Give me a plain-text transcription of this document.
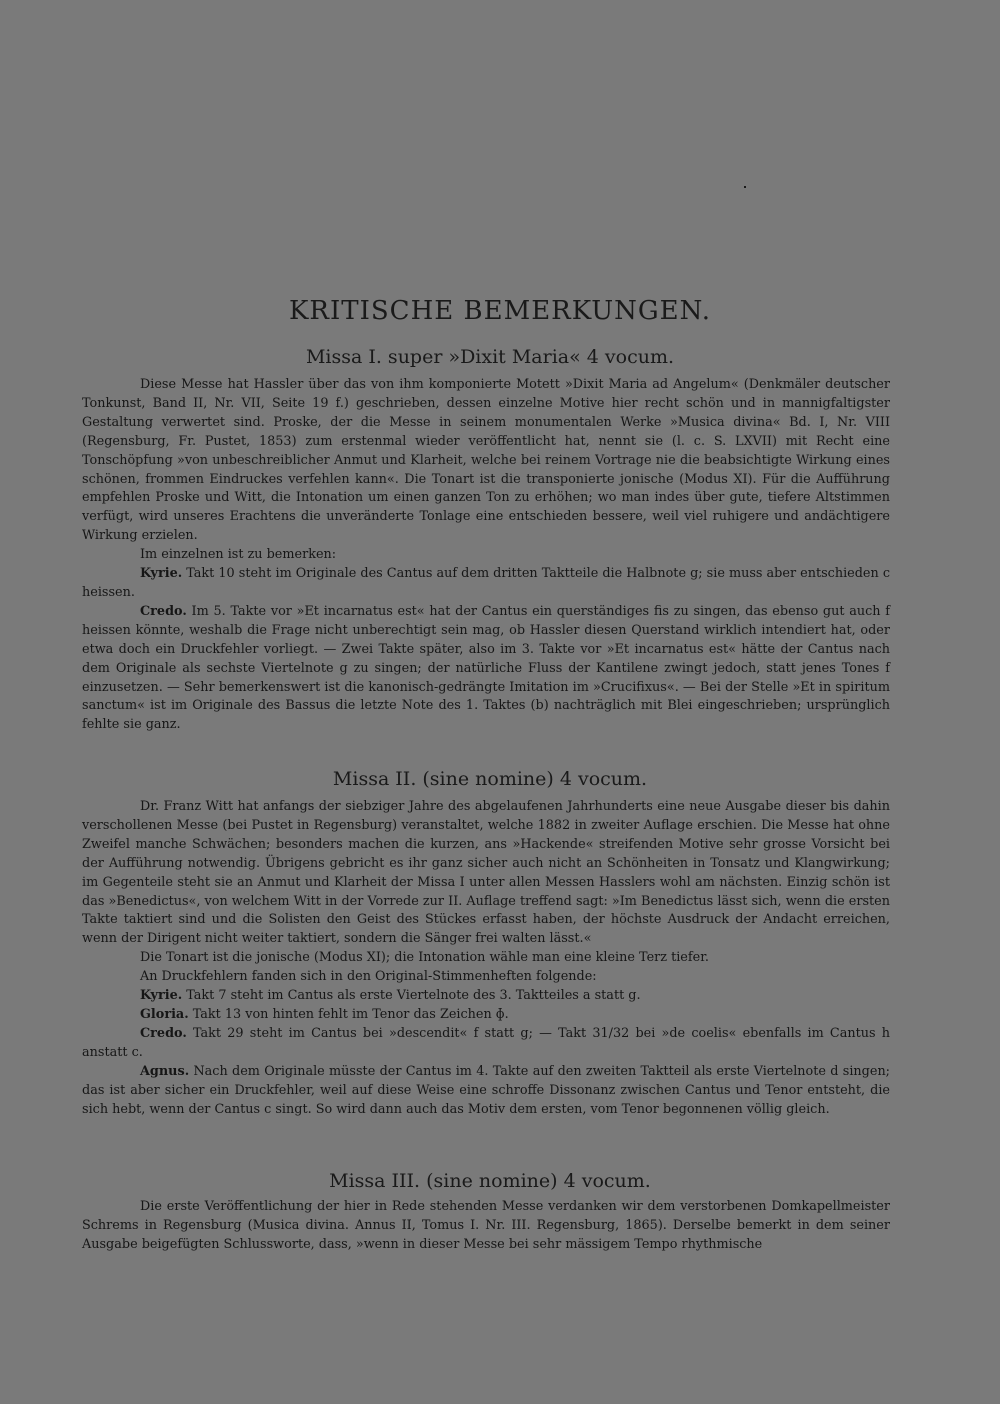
KRITISCHE BEMERKUNGEN.
Missa I. super »Dixit Maria« 4 vocum.

Diese Messe hat Hassler über das von ihm komponierte Motett »Dixit Maria ad Angelum« (Denkmäler deutscher Tonkunst, Band II, Nr. VII, Seite 19 f.) geschrieben, dessen einzelne Motive hier recht schön und in mannigfaltigster Gestaltung verwertet sind. Proske, der die Messe in seinem monumentalen Werke »Musica divina« Bd. I, Nr. VIII (Regensburg, Fr. Pustet, 1853) zum erstenmal wieder veröffentlicht hat, nennt sie (l. c. S. LXVII) mit Recht eine Tonschöpfung »von unbeschreiblicher Anmut und Klarheit, welche bei reinem Vortrage nie die beabsichtigte Wirkung eines schönen, frommen Eindruckes verfehlen kann«. Die Tonart ist die transponierte jonische (Modus XI). Für die Aufführung empfehlen Proske und Witt, die Intonation um einen ganzen Ton zu erhöhen; wo man indes über gute, tiefere Altstimmen verfügt, wird unseres Erachtens die unveränderte Tonlage eine entschieden bessere, weil viel ruhigere und andächtigere Wirkung erzielen.

Im einzelnen ist zu bemerken:

Kyrie. Takt 10 steht im Originale des Cantus auf dem dritten Taktteile die Halbnote g; sie muss aber entschieden c heissen.

Credo. Im 5. Takte vor »Et incarnatus est« hat der Cantus ein querständiges fis zu singen, das ebenso gut auch f heissen könnte, weshalb die Frage nicht unberechtigt sein mag, ob Hassler diesen Querstand wirklich intendiert hat, oder etwa doch ein Druckfehler vorliegt. — Zwei Takte später, also im 3. Takte vor »Et incarnatus est« hätte der Cantus nach dem Originale als sechste Viertelnote g zu singen; der natürliche Fluss der Kantilene zwingt jedoch, statt jenes Tones f einzusetzen. — Sehr bemerkenswert ist die kanonisch-gedrängte Imitation im »Crucifixus«. — Bei der Stelle »Et in spiritum sanctum« ist im Originale des Bassus die letzte Note des 1. Taktes (b) nachträglich mit Blei eingeschrieben; ursprünglich fehlte sie ganz.

Missa II. (sine nomine) 4 vocum.

Dr. Franz Witt hat anfangs der siebziger Jahre des abgelaufenen Jahrhunderts eine neue Ausgabe dieser bis dahin verschollenen Messe (bei Pustet in Regensburg) veranstaltet, welche 1882 in zweiter Auflage erschien. Die Messe hat ohne Zweifel manche Schwächen; besonders machen die kurzen, ans »Hackende« streifenden Motive sehr grosse Vorsicht bei der Aufführung notwendig. Übrigens gebricht es ihr ganz sicher auch nicht an Schönheiten in Tonsatz und Klangwirkung; im Gegenteile steht sie an Anmut und Klarheit der Missa I unter allen Messen Hasslers wohl am nächsten. Einzig schön ist das »Benedictus«, von welchem Witt in der Vorrede zur II. Auflage treffend sagt: »Im Benedictus lässt sich, wenn die ersten Takte taktiert sind und die Solisten den Geist des Stückes erfasst haben, der höchste Ausdruck der Andacht erreichen, wenn der Dirigent nicht weiter taktiert, sondern die Sänger frei walten lässt.«

Die Tonart ist die jonische (Modus XI); die Intonation wähle man eine kleine Terz tiefer.

An Druckfehlern fanden sich in den Original-Stimmenheften folgende:

Kyrie. Takt 7 steht im Cantus als erste Viertelnote des 3. Taktteiles a statt g.

Gloria. Takt 13 von hinten fehlt im Tenor das Zeichen ɸ.

Credo. Takt 29 steht im Cantus bei »descendit« f statt g; — Takt 31/32 bei »de coelis« ebenfalls im Cantus h anstatt c.

Agnus. Nach dem Originale müsste der Cantus im 4. Takte auf den zweiten Taktteil als erste Viertelnote d singen; das ist aber sicher ein Druckfehler, weil auf diese Weise eine schroffe Dissonanz zwischen Cantus und Tenor entsteht, die sich hebt, wenn der Cantus c singt. So wird dann auch das Motiv dem ersten, vom Tenor begonnenen völlig gleich.

Missa III. (sine nomine) 4 vocum.

Die erste Veröffentlichung der hier in Rede stehenden Messe verdanken wir dem verstorbenen Domkapellmeister Schrems in Regensburg (Musica divina. Annus II, Tomus I. Nr. III. Regensburg, 1865). Derselbe bemerkt in dem seiner Ausgabe beigefügten Schlussworte, dass, »wenn in dieser Messe bei sehr mässigem Tempo rhythmische
